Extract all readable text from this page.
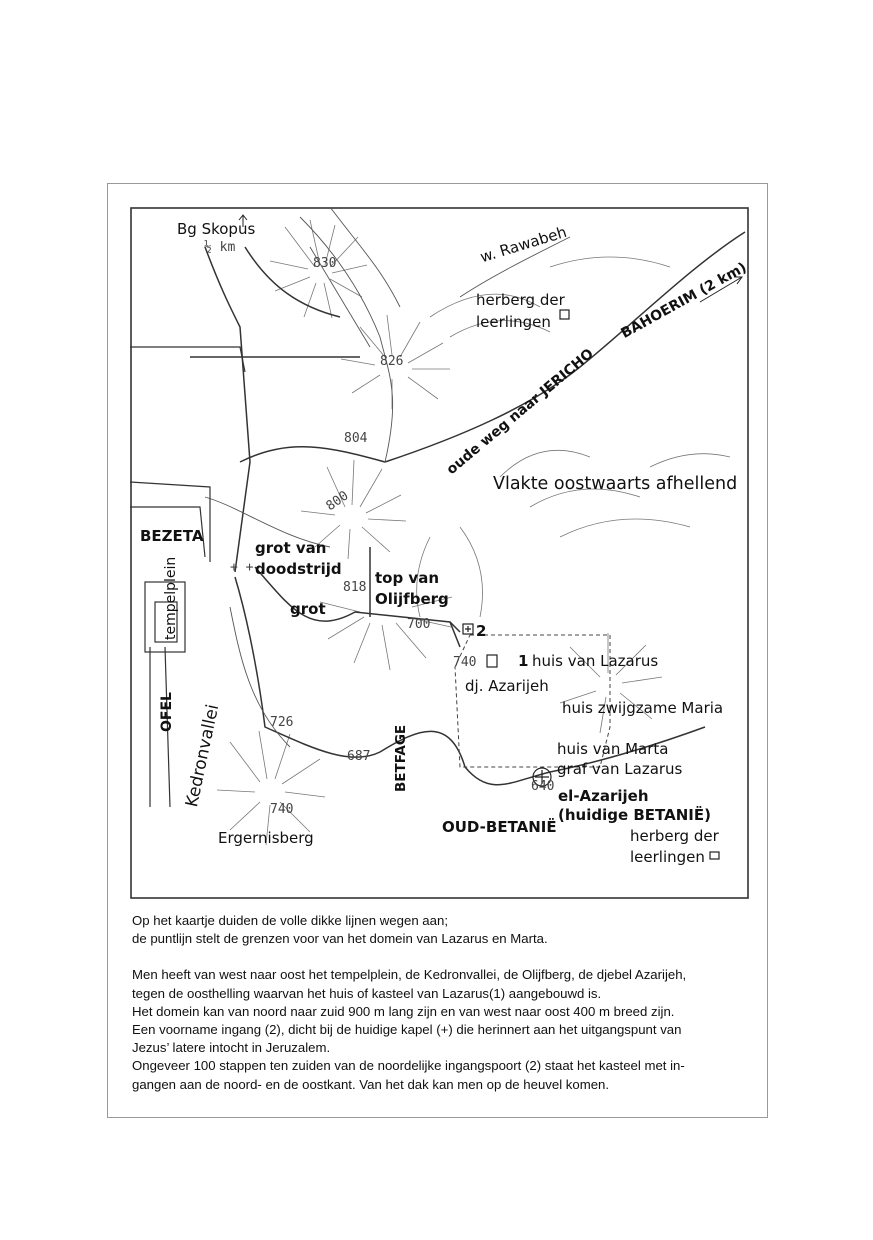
Bg Skopus
½ km	w. Rawabeh
herberg der
leerlingen	BAHOERIM (2 km)
oude weg naar JERICHO
Vlakte oostwaarts afhellend
BEZETA
grot van
doodstrijd
+ +
top van
Olijfberg
grot
tempelplein
OFEL Kedronvallei
2
1 huis van Lazarus
dj. Azarijeh
huis zwijgzame Maria
huis van Marta
graf van Lazarus
el-Azarijeh
(huidige BETANIË)
herberg der
leerlingen
BETFAGE
OUD-BETANIË
Ergernisberg
830
826
804
800
818
700
740
726
687
740
640

Op het kaartje duiden de volle dikke lijnen wegen aan;

de puntlijn stelt de grenzen voor van het domein van Lazarus en Marta.

Men heeft van west naar oost het tempelplein, de Kedronvallei, de Olijfberg, de djebel Azarijeh,

tegen de oosthelling waarvan het huis of kasteel van Lazarus(1) aangebouwd is.

Het domein kan van noord naar zuid 900 m lang zijn en van west naar oost 400 m breed zijn.

Een voorname ingang (2), dicht bij de huidige kapel (+) die herinnert aan het uitgangspunt van

Jezus’ latere intocht in Jeruzalem.

Ongeveer 100 stappen ten zuiden van de noordelijke ingangspoort (2) staat het kasteel met in-

gangen aan de noord- en de oostkant. Van het dak kan men op de heuvel komen.
